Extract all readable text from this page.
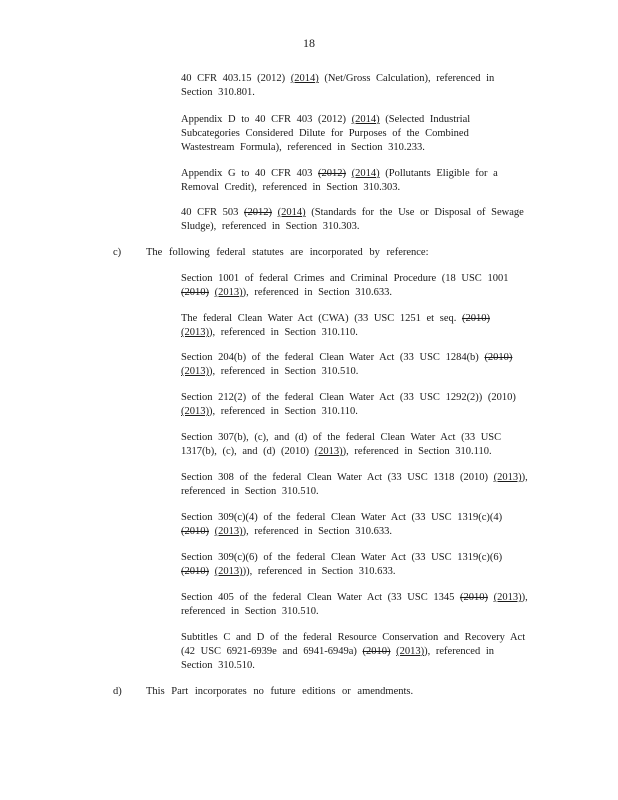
18
40 CFR 403.15 (2012) (2014) (Net/Gross Calculation), referenced in
Section 310.801.
Appendix D to 40 CFR 403 (2012) (2014) (Selected Industrial
Subcategories Considered Dilute for Purposes of the Combined
Wastestream Formula), referenced in Section 310.233.
Appendix G to 40 CFR 403 (2012) (2014) (Pollutants Eligible for a
Removal Credit), referenced in Section 310.303.
40 CFR 503 (2012) (2014) (Standards for the Use or Disposal of Sewage
Sludge), referenced in Section 310.303.
c) The following federal statutes are incorporated by reference:
Section 1001 of federal Crimes and Criminal Procedure (18 USC 1001
(2010) (2013)), referenced in Section 310.633.
The federal Clean Water Act (CWA) (33 USC 1251 et seq. (2010)
(2013)), referenced in Section 310.110.
Section 204(b) of the federal Clean Water Act (33 USC 1284(b) (2010)
(2013)), referenced in Section 310.510.
Section 212(2) of the federal Clean Water Act (33 USC 1292(2)) (2010)
(2013)), referenced in Section 310.110.
Section 307(b), (c), and (d) of the federal Clean Water Act (33 USC
1317(b), (c), and (d) (2010) (2013)), referenced in Section 310.110.
Section 308 of the federal Clean Water Act (33 USC 1318 (2010) (2013)),
referenced in Section 310.510.
Section 309(c)(4) of the federal Clean Water Act (33 USC 1319(c)(4)
(2010) (2013)), referenced in Section 310.633.
Section 309(c)(6) of the federal Clean Water Act (33 USC 1319(c)(6)
(2010) (2013))), referenced in Section 310.633.
Section 405 of the federal Clean Water Act (33 USC 1345 (2010) (2013)),
referenced in Section 310.510.
Subtitles C and D of the federal Resource Conservation and Recovery Act
(42 USC 6921-6939e and 6941-6949a) (2010) (2013)), referenced in
Section 310.510.
d) This Part incorporates no future editions or amendments.
